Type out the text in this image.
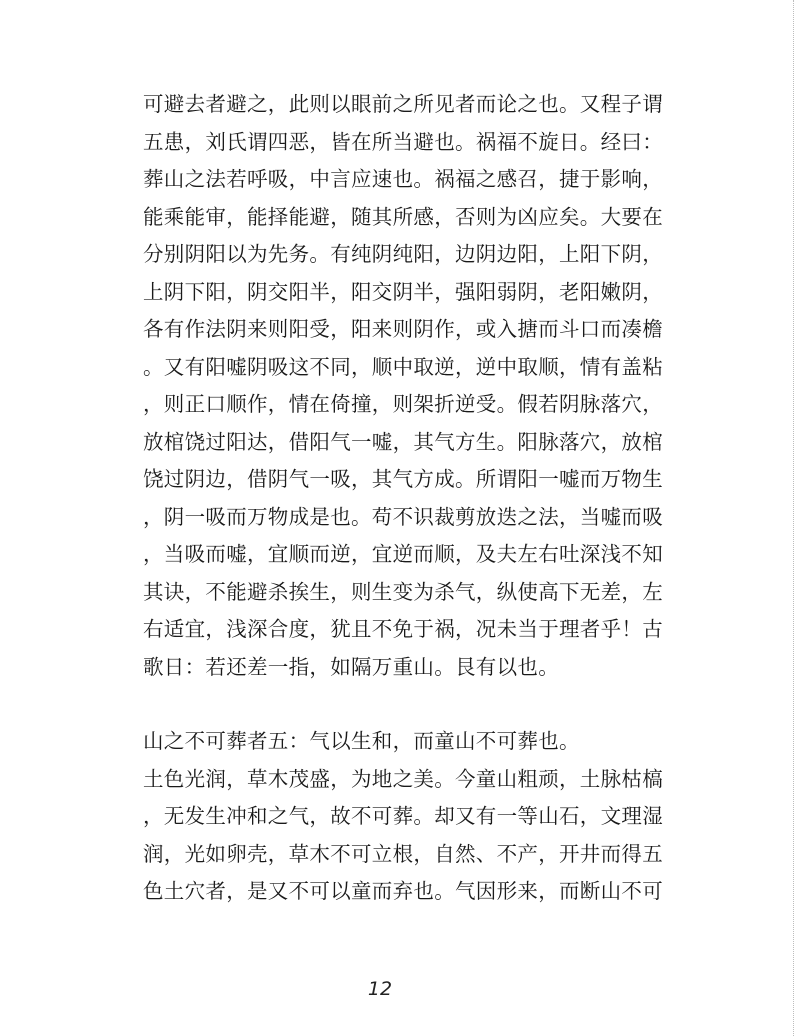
可避去者避之，此则以眼前之所见者而论之也。又程子谓
五患，刘氏谓四恶，皆在所当避也。祸福不旋日。经曰：
葬山之法若呼吸，中言应速也。祸福之感召，捷于影响，
能乘能审，能择能避，随其所感，否则为凶应矣。大要在
分别阴阳以为先务。有纯阴纯阳，边阴边阳，上阳下阴，
上阴下阳，阴交阳半，阳交阴半，强阳弱阴，老阳嫩阴，
各有作法阴来则阳受，阳来则阴作，或入搪而斗口而凑檐
。又有阳嘘阴吸这不同，顺中取逆，逆中取顺，情有盖粘
，则正口顺作，情在倚撞，则架折逆受。假若阴脉落穴，
放棺饶过阳达，借阳气一嘘，其气方生。阳脉落穴，放棺
饶过阴边，借阴气一吸，其气方成。所谓阳一嘘而万物生
，阴一吸而万物成是也。苟不识裁剪放迭之法，当嘘而吸
，当吸而嘘，宜顺而逆，宜逆而顺，及夫左右吐深浅不知
其诀，不能避杀挨生，则生变为杀气，纵使高下无差，左
右适宜，浅深合度，犹且不免于祸，况未当于理者乎！古
歌日：若还差一指，如隔万重山。艮有以也。
山之不可葬者五：气以生和，而童山不可葬也。
土色光润，草木茂盛，为地之美。今童山粗顽，土脉枯槁
，无发生冲和之气，故不可葬。却又有一等山石，文理湿
润，光如卵壳，草木不可立根，自然、不产，开井而得五
色土穴者，是又不可以童而弃也。气因形来，而断山不可
12
